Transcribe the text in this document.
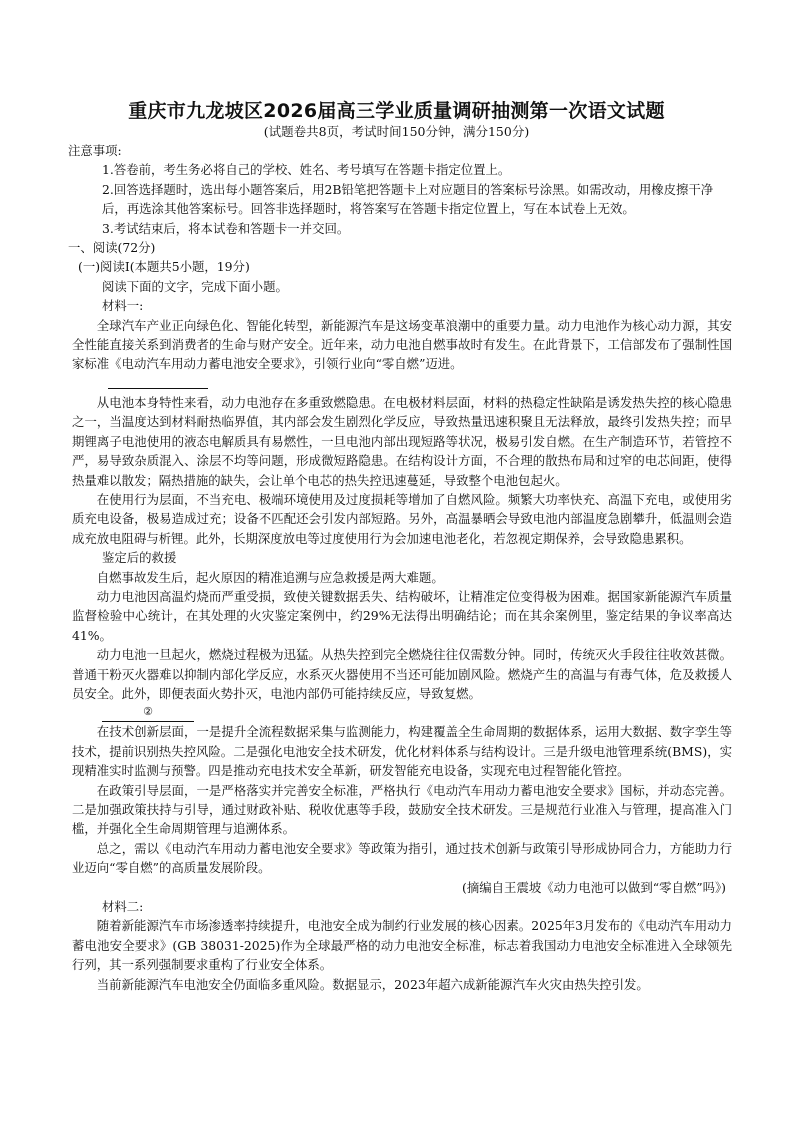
重庆市九龙坡区2026届高三学业质量调研抽测第一次语文试题
(试题卷共8页，考试时间150分钟，满分150分)

注意事项:

1.答卷前，考生务必将自己的学校、姓名、考号填写在答题卡指定位置上。

2.回答选择题时，选出每小题答案后，用2B铅笔把答题卡上对应题目的答案标号涂黑。如需改动，用橡皮擦干净后，再选涂其他答案标号。回答非选择题时，将答案写在答题卡指定位置上，写在本试卷上无效。

3.考试结束后，将本试卷和答题卡一并交回。

一、阅读(72分)

(一)阅读Ⅰ(本题共5小题，19分)

阅读下面的文字，完成下面小题。

材料一:

全球汽车产业正向绿色化、智能化转型，新能源汽车是这场变革浪潮中的重要力量。动力电池作为核心动力源，其安全性能直接关系到消费者的生命与财产安全。近年来，动力电池自燃事故时有发生。在此背景下，工信部发布了强制性国家标准《电动汽车用动力蓄电池安全要求》，引领行业向“零自燃”迈进。

从电池本身特性来看，动力电池存在多重致燃隐患。在电极材料层面，材料的热稳定性缺陷是诱发热失控的核心隐患之一，当温度达到材料耐热临界值，其内部会发生剧烈化学反应，导致热量迅速积聚且无法释放，最终引发热失控；而早期锂离子电池使用的液态电解质具有易燃性，一旦电池内部出现短路等状况，极易引发自燃。在生产制造环节，若管控不严，易导致杂质混入、涂层不均等问题，形成微短路隐患。在结构设计方面，不合理的散热布局和过窄的电芯间距，使得热量难以散发；隔热措施的缺失，会让单个电芯的热失控迅速蔓延，导致整个电池包起火。

在使用行为层面，不当充电、极端环境使用及过度损耗等增加了自燃风险。频繁大功率快充、高温下充电，或使用劣质充电设备，极易造成过充；设备不匹配还会引发内部短路。另外，高温暴晒会导致电池内部温度急剧攀升，低温则会造成充放电阻碍与析锂。此外，长期深度放电等过度使用行为会加速电池老化，若忽视定期保养，会导致隐患累积。

鉴定后的救援

自燃事故发生后，起火原因的精准追溯与应急救援是两大难题。

动力电池因高温灼烧而严重受损，致使关键数据丢失、结构破坏，让精准定位变得极为困难。据国家新能源汽车质量监督检验中心统计，在其处理的火灾鉴定案例中，约29%无法得出明确结论；而在其余案例里，鉴定结果的争议率高达41%。

动力电池一旦起火，燃烧过程极为迅猛。从热失控到完全燃烧往往仅需数分钟。同时，传统灭火手段往往收效甚微。普通干粉灭火器难以抑制内部化学反应，水系灭火器使用不当还可能加剧风险。燃烧产生的高温与有毒气体，危及救援人员安全。此外，即便表面火势扑灭，电池内部仍可能持续反应，导致复燃。

②

在技术创新层面，一是提升全流程数据采集与监测能力，构建覆盖全生命周期的数据体系，运用大数据、数字孪生等技术，提前识别热失控风险。二是强化电池安全技术研发，优化材料体系与结构设计。三是升级电池管理系统(BMS)，实现精准实时监测与预警。四是推动充电技术安全革新，研发智能充电设备，实现充电过程智能化管控。

在政策引导层面，一是严格落实并完善安全标准，严格执行《电动汽车用动力蓄电池安全要求》国标，并动态完善。二是加强政策扶持与引导，通过财政补贴、税收优惠等手段，鼓励安全技术研发。三是规范行业准入与管理，提高准入门槛，并强化全生命周期管理与追溯体系。

总之，需以《电动汽车用动力蓄电池安全要求》等政策为指引，通过技术创新与政策引导形成协同合力，方能助力行业迈向“零自燃”的高质量发展阶段。

(摘编自王震坡《动力电池可以做到“零自燃”吗》)

材料二:

随着新能源汽车市场渗透率持续提升，电池安全成为制约行业发展的核心因素。2025年3月发布的《电动汽车用动力蓄电池安全要求》(GB 38031-2025)作为全球最严格的动力电池安全标准，标志着我国动力电池安全标准进入全球领先行列，其一系列强制要求重构了行业安全体系。

当前新能源汽车电池安全仍面临多重风险。数据显示，2023年超六成新能源汽车火灾由热失控引发。
